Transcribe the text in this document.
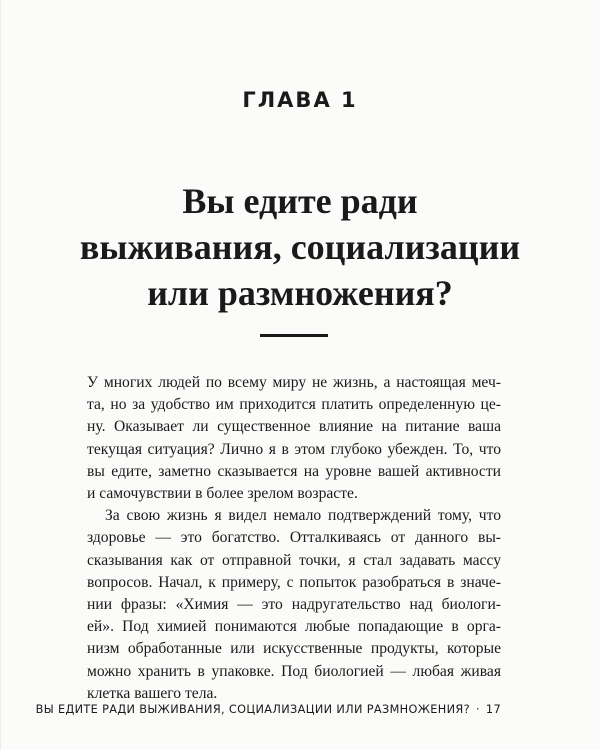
ГЛАВА 1
Вы едите ради
выживания, социализации
или размножения?

У многих людей по всему миру не жизнь, а настоящая меч-
та, но за удобство им приходится платить определенную це-
ну. Оказывает ли существенное влияние на питание ваша
текущая ситуация? Лично я в этом глубоко убежден. То, что
вы едите, заметно сказывается на уровне вашей активности
и самочувствии в более зрелом возрасте.

За свою жизнь я видел немало подтверждений тому, что
здоровье — это богатство. Отталкиваясь от данного вы-
сказывания как от отправной точки, я стал задавать массу
вопросов. Начал, к примеру, с попыток разобраться в значе-
нии фразы: «Химия — это надругательство над биологи-
ей». Под химией понимаются любые попадающие в орга-
низм обработанные или искусственные продукты, которые
можно хранить в упаковке. Под биологией — любая живая
клетка вашего тела.

ВЫ ЕДИТЕ РАДИ ВЫЖИВАНИЯ, СОЦИАЛИЗАЦИИ ИЛИ РАЗМНОЖЕНИЯ? · 17
